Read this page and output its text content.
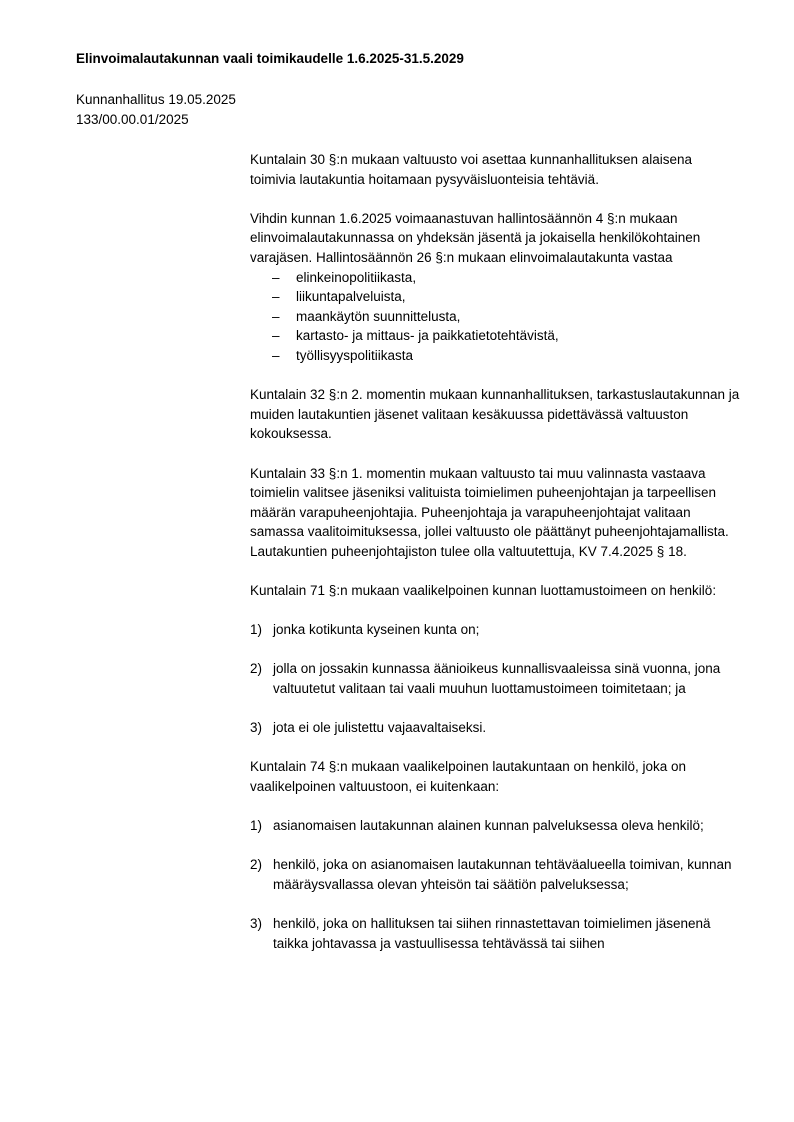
Elinvoimalautakunnan vaali toimikaudelle 1.6.2025-31.5.2029
Kunnanhallitus 19.05.2025
133/00.00.01/2025

Kuntalain 30 §:n mukaan valtuusto voi asettaa kunnanhallituksen alaisena toimivia lautakuntia hoitamaan pysyväisluonteisia tehtäviä.

Vihdin kunnan 1.6.2025 voimaanastuvan hallintosäännön 4 §:n mukaan elinvoimalautakunnassa on yhdeksän jäsentä ja jokaisella henkilökohtainen varajäsen. Hallintosäännön 26 §:n mukaan elinvoimalautakunta vastaa

– elinkeinopolitiikasta,
– liikuntapalveluista,
– maankäytön suunnittelusta,
– kartasto- ja mittaus- ja paikkatietotehtävistä,
– työllisyyspolitiikasta

Kuntalain 32 §:n 2. momentin mukaan kunnanhallituksen, tarkastuslautakunnan ja muiden lautakuntien jäsenet valitaan kesäkuussa pidettävässä valtuuston kokouksessa.

Kuntalain 33 §:n 1. momentin mukaan valtuusto tai muu valinnasta vastaava toimielin valitsee jäseniksi valituista toimielimen puheenjohtajan ja tarpeellisen määrän varapuheenjohtajia. Puheenjohtaja ja varapuheenjohtajat valitaan samassa vaalitoimituksessa, jollei valtuusto ole päättänyt puheenjohtajamallista. Lautakuntien puheenjohtajiston tulee olla valtuutettuja, KV 7.4.2025 § 18.

Kuntalain 71 §:n mukaan vaalikelpoinen kunnan luottamustoimeen on henkilö:

1) jonka kotikunta kyseinen kunta on;
2) jolla on jossakin kunnassa äänioikeus kunnallisvaaleissa sinä vuonna, jona valtuutetut valitaan tai vaali muuhun luottamustoimeen toimitetaan; ja
3) jota ei ole julistettu vajaavaltaiseksi.

Kuntalain 74 §:n mukaan vaalikelpoinen lautakuntaan on henkilö, joka on vaalikelpoinen valtuustoon, ei kuitenkaan:

1) asianomaisen lautakunnan alainen kunnan palveluksessa oleva henkilö;
2) henkilö, joka on asianomaisen lautakunnan tehtäväalueella toimivan, kunnan määräysvallassa olevan yhteisön tai säätiön palveluksessa;
3) henkilö, joka on hallituksen tai siihen rinnastettavan toimielimen jäsenenä taikka johtavassa ja vastuullisessa tehtävässä tai siihen
